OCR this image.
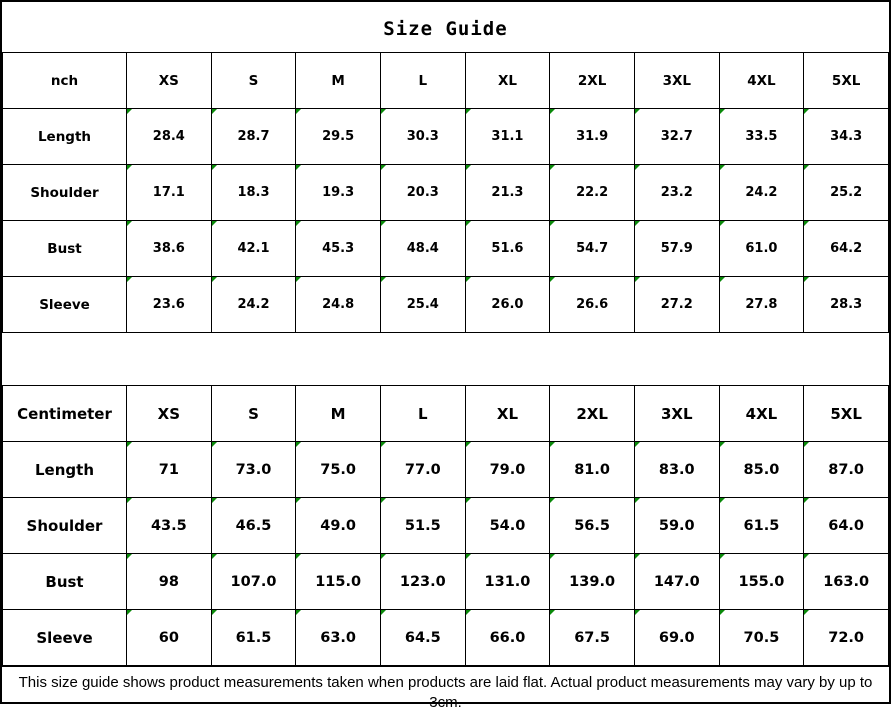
Size Guide
nch	XS	S	M	L	XL	2XL	3XL	4XL	5XL
Length	28.4	28.7	29.5	30.3	31.1	31.9	32.7	33.5	34.3
Shoulder	17.1	18.3	19.3	20.3	21.3	22.2	23.2	24.2	25.2
Bust	38.6	42.1	45.3	48.4	51.6	54.7	57.9	61.0	64.2
Sleeve	23.6	24.2	24.8	25.4	26.0	26.6	27.2	27.8	28.3
Centimeter	XS	S	M	L	XL	2XL	3XL	4XL	5XL
Length	71	73.0	75.0	77.0	79.0	81.0	83.0	85.0	87.0
Shoulder	43.5	46.5	49.0	51.5	54.0	56.5	59.0	61.5	64.0
Bust	98	107.0	115.0	123.0	131.0	139.0	147.0	155.0	163.0
Sleeve	60	61.5	63.0	64.5	66.0	67.5	69.0	70.5	72.0
This size guide shows product measurements taken when products are laid flat. Actual product measurements may vary by up to 3cm.
